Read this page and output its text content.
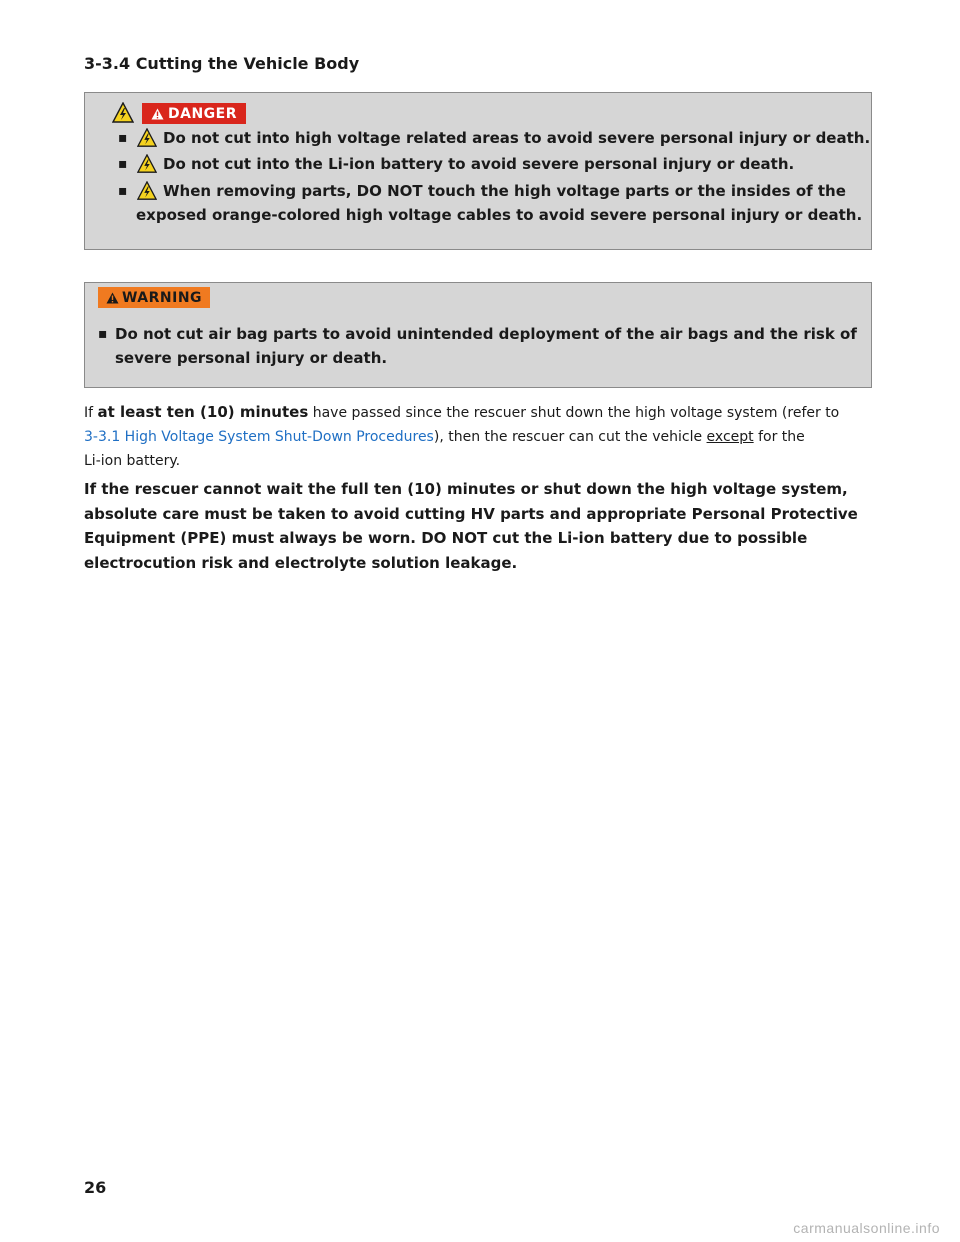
3-3.4 Cutting the Vehicle Body
DANGER
▪ Do not cut into high voltage related areas to avoid severe personal injury or death.
▪ Do not cut into the Li-ion battery to avoid severe personal injury or death.
▪ When removing parts, DO NOT touch the high voltage parts or the insides of the
exposed orange-colored high voltage cables to avoid severe personal injury or death.
WARNING
▪ Do not cut air bag parts to avoid unintended deployment of the air bags and the risk of
severe personal injury or death.

If at least ten (10) minutes have passed since the rescuer shut down the high voltage system (refer to
3-3.1 High Voltage System Shut-Down Procedures), then the rescuer can cut the vehicle except for the
Li-ion battery.

If the rescuer cannot wait the full ten (10) minutes or shut down the high voltage system,
absolute care must be taken to avoid cutting HV parts and appropriate Personal Protective
Equipment (PPE) must always be worn. DO NOT cut the Li-ion battery due to possible
electrocution risk and electrolyte solution leakage.

26
carmanualsonline.info
